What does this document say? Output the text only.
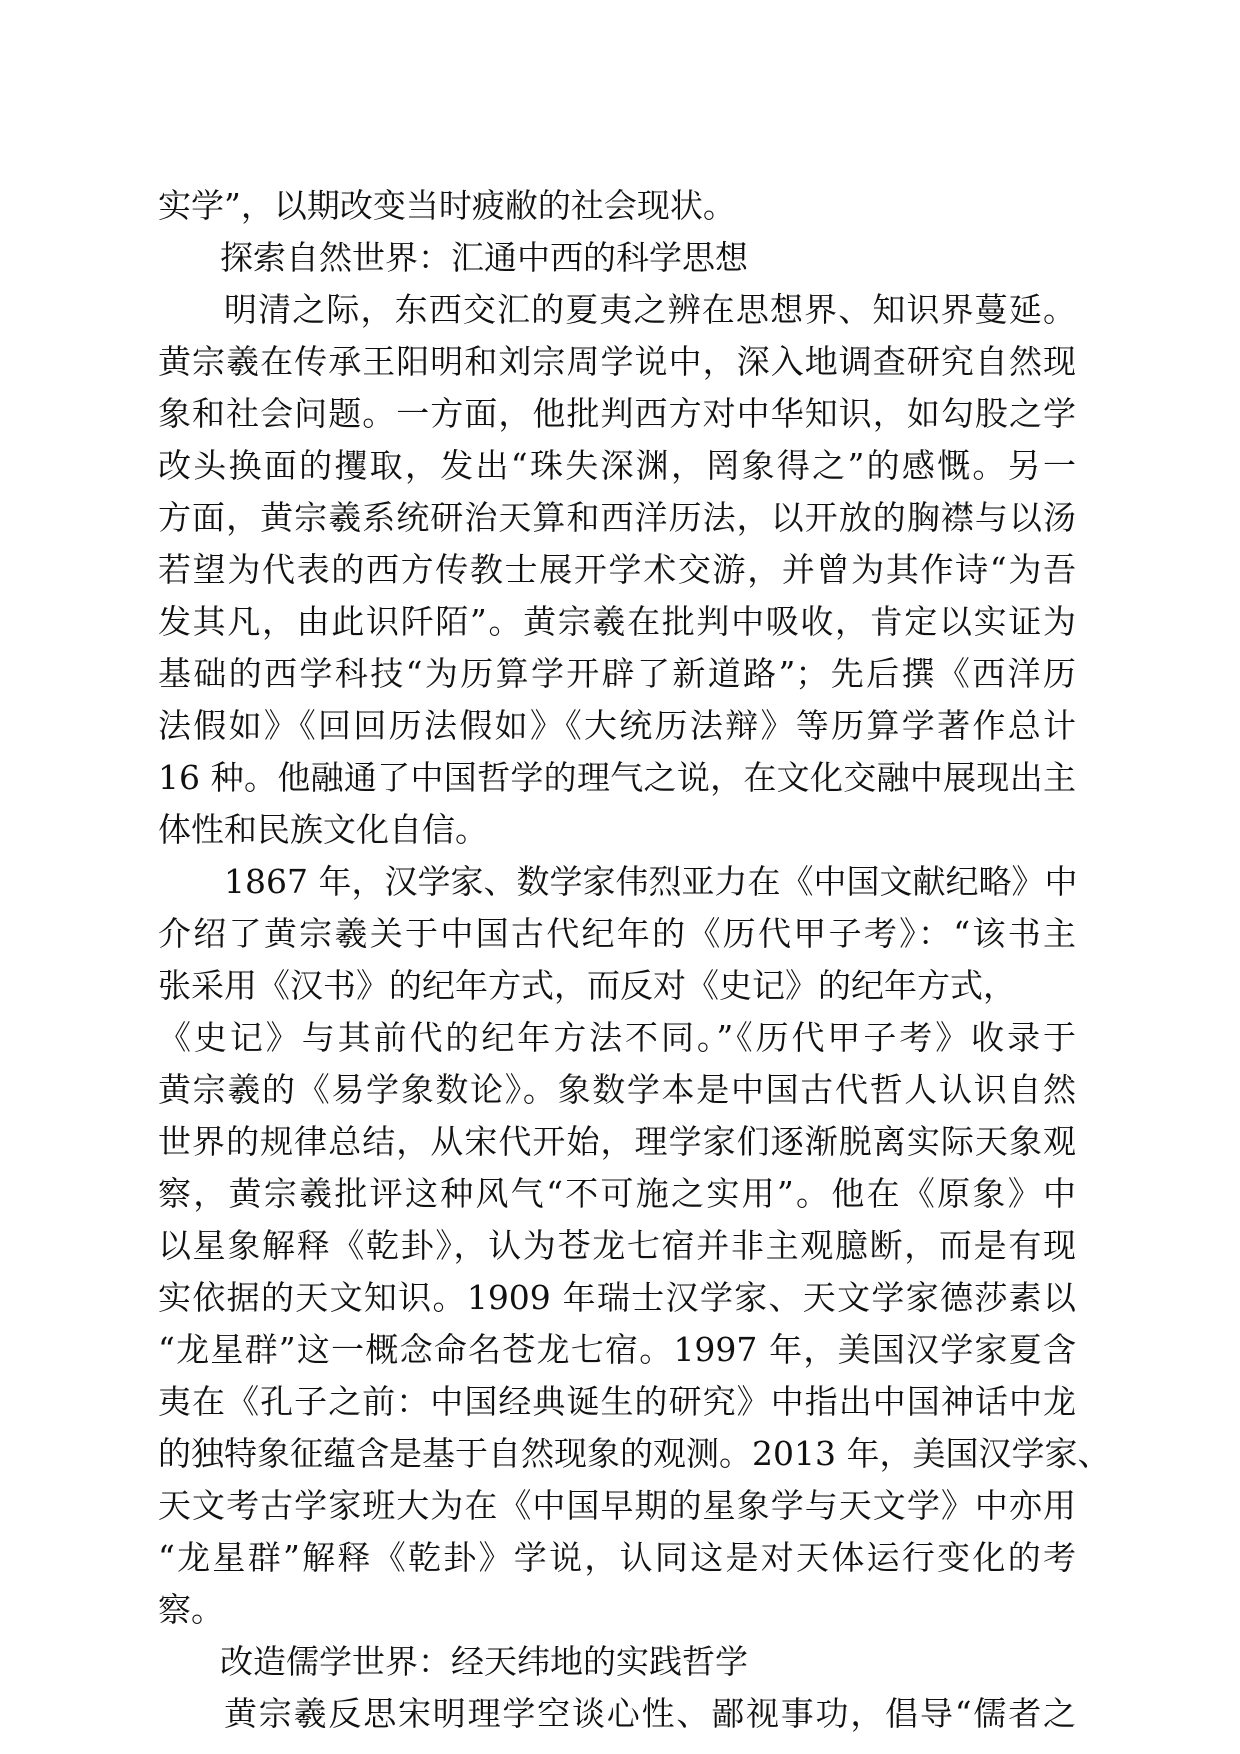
实学”，以期改变当时疲敝的社会现状。
探索自然世界：汇通中西的科学思想
明清之际，东西交汇的夏夷之辨在思想界、知识界蔓延。
黄宗羲在传承王阳明和刘宗周学说中，深入地调查研究自然现
象和社会问题。一方面，他批判西方对中华知识，如勾股之学
改头换面的攫取，发出“珠失深渊，罔象得之”的感慨。另一
方面，黄宗羲系统研治天算和西洋历法，以开放的胸襟与以汤
若望为代表的西方传教士展开学术交游，并曾为其作诗“为吾
发其凡，由此识阡陌”。黄宗羲在批判中吸收，肯定以实证为
基础的西学科技“为历算学开辟了新道路”；先后撰《西洋历
法假如》《回回历法假如》《大统历法辩》等历算学著作总计
16 种。他融通了中国哲学的理气之说，在文化交融中展现出主
体性和民族文化自信。
1867 年，汉学家、数学家伟烈亚力在《中国文献纪略》中
介绍了黄宗羲关于中国古代纪年的《历代甲子考》：“该书主
张采用《汉书》的纪年方式，而反对《史记》的纪年方式，
《史记》与其前代的纪年方法不同。”《历代甲子考》收录于
黄宗羲的《易学象数论》。象数学本是中国古代哲人认识自然
世界的规律总结，从宋代开始，理学家们逐渐脱离实际天象观
察，黄宗羲批评这种风气“不可施之实用”。他在《原象》中
以星象解释《乾卦》，认为苍龙七宿并非主观臆断，而是有现
实依据的天文知识。1909 年瑞士汉学家、天文学家德莎素以
“龙星群”这一概念命名苍龙七宿。1997 年，美国汉学家夏含
夷在《孔子之前：中国经典诞生的研究》中指出中国神话中龙
的独特象征蕴含是基于自然现象的观测。2013 年，美国汉学家、
天文考古学家班大为在《中国早期的星象学与天文学》中亦用
“龙星群”解释《乾卦》学说，认同这是对天体运行变化的考
察。
改造儒学世界：经天纬地的实践哲学
黄宗羲反思宋明理学空谈心性、鄙视事功，倡导“儒者之
